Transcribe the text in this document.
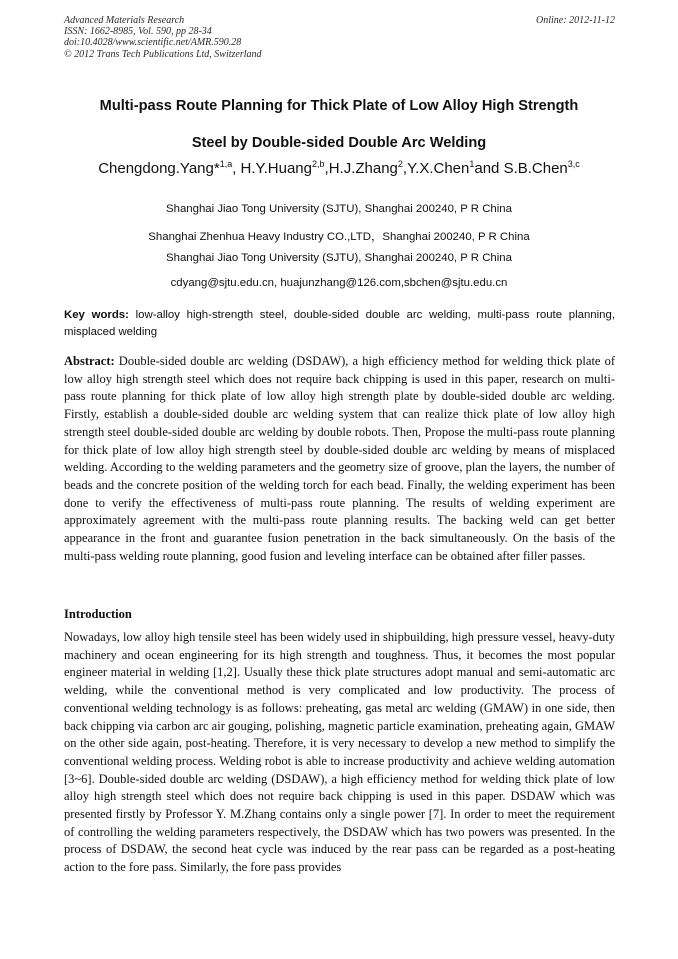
Advanced Materials Research
ISSN: 1662-8985, Vol. 590, pp 28-34
doi:10.4028/www.scientific.net/AMR.590.28
© 2012 Trans Tech Publications Ltd, Switzerland
Online: 2012-11-12
Multi-pass Route Planning for Thick Plate of Low Alloy High Strength
Steel by Double-sided Double Arc Welding
Chengdong.Yang*$^{1,a}$, H.Y.Huang$^{2,b}$,H.J.Zhang$^2$,Y.X.Chen$^1$and S.B.Chen$^{3,c}$
Shanghai Jiao Tong University (SJTU), Shanghai 200240, P R China
Shanghai Zhenhua Heavy Industry CO.,LTD，Shanghai 200240, P R China
Shanghai Jiao Tong University (SJTU), Shanghai 200240, P R China
cdyang@sjtu.edu.cn, huajunzhang@126.com,sbchen@sjtu.edu.cn
Key words: low-alloy high-strength steel, double-sided double arc welding, multi-pass route planning, misplaced welding
Abstract: Double-sided double arc welding (DSDAW), a high efficiency method for welding thick plate of low alloy high strength steel which does not require back chipping is used in this paper, research on multi-pass route planning for thick plate of low alloy high strength plate by double-sided double arc welding. Firstly, establish a double-sided double arc welding system that can realize thick plate of low alloy high strength steel double-sided double arc welding by double robots. Then, Propose the multi-pass route planning for thick plate of low alloy high strength steel by double-sided double arc welding by means of misplaced welding. According to the welding parameters and the geometry size of groove, plan the layers, the number of beads and the concrete position of the welding torch for each bead. Finally, the welding experiment has been done to verify the effectiveness of multi-pass route planning. The results of welding experiment are approximately agreement with the multi-pass route planning results. The backing weld can get better appearance in the front and guarantee fusion penetration in the back simultaneously. On the basis of the multi-pass welding route planning, good fusion and leveling interface can be obtained after filler passes.
Introduction
Nowadays, low alloy high tensile steel has been widely used in shipbuilding, high pressure vessel, heavy-duty machinery and ocean engineering for its high strength and toughness. Thus, it becomes the most popular engineer material in welding [1,2]. Usually these thick plate structures adopt manual and semi-automatic arc welding, while the conventional method is very complicated and low productivity. The process of conventional welding technology is as follows: preheating, gas metal arc welding (GMAW) in one side, then back chipping via carbon arc air gouging, polishing, magnetic particle examination, preheating again, GMAW on the other side again, post-heating. Therefore, it is very necessary to develop a new method to simplify the conventional welding process. Welding robot is able to increase productivity and achieve welding automation [3~6]. Double-sided double arc welding (DSDAW), a high efficiency method for welding thick plate of low alloy high strength steel which does not require back chipping is used in this paper. DSDAW which was presented firstly by Professor Y. M.Zhang contains only a single power [7]. In order to meet the requirement of controlling the welding parameters respectively, the DSDAW which has two powers was presented. In the process of DSDAW, the second heat cycle was induced by the rear pass can be regarded as a post-heating action to the fore pass. Similarly, the fore pass provides
